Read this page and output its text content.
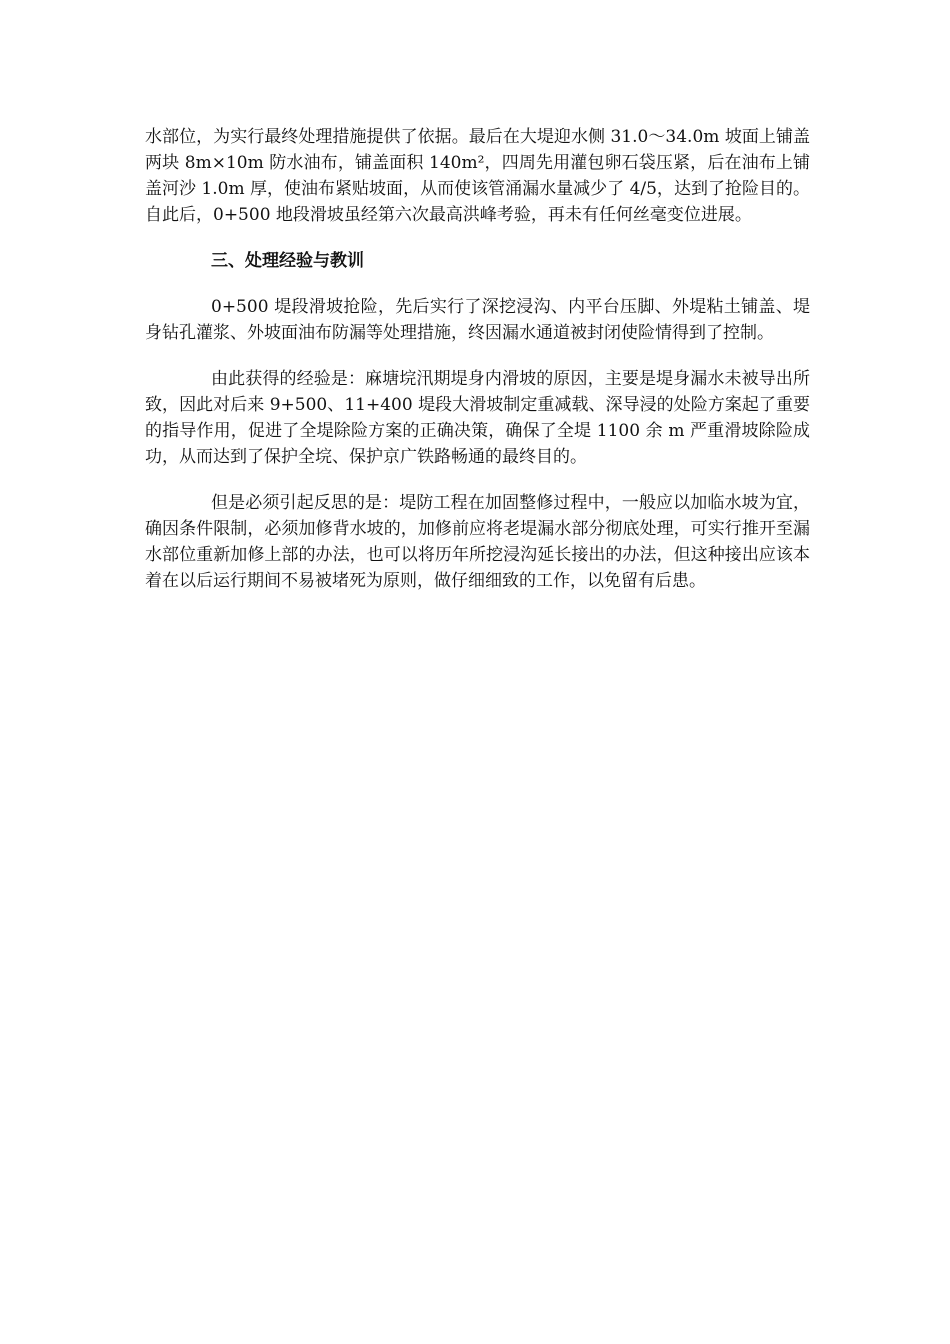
水部位，为实行最终处理措施提供了依据。最后在大堤迎水侧 31.0～34.0m 坡面上铺盖两块 8m×10m 防水油布，铺盖面积 140m²，四周先用灌包卵石袋压紧，后在油布上铺盖河沙 1.0m 厚，使油布紧贴坡面，从而使该管涌漏水量减少了 4/5，达到了抢险目的。自此后，0+500 地段滑坡虽经第六次最高洪峰考验，再未有任何丝毫变位进展。

三、处理经验与教训

0+500 堤段滑坡抢险，先后实行了深挖浸沟、内平台压脚、外堤粘土铺盖、堤身钻孔灌浆、外坡面油布防漏等处理措施，终因漏水通道被封闭使险情得到了控制。

由此获得的经验是：麻塘垸汛期堤身内滑坡的原因，主要是堤身漏水未被导出所致，因此对后来 9+500、11+400 堤段大滑坡制定重减载、深导浸的处险方案起了重要的指导作用，促进了全堤除险方案的正确决策，确保了全堤 1100 余 m 严重滑坡除险成功，从而达到了保护全垸、保护京广铁路畅通的最终目的。

但是必须引起反思的是：堤防工程在加固整修过程中，一般应以加临水坡为宜，确因条件限制，必须加修背水坡的，加修前应将老堤漏水部分彻底处理，可实行推开至漏水部位重新加修上部的办法，也可以将历年所挖浸沟延长接出的办法，但这种接出应该本着在以后运行期间不易被堵死为原则，做仔细细致的工作，以免留有后患。
